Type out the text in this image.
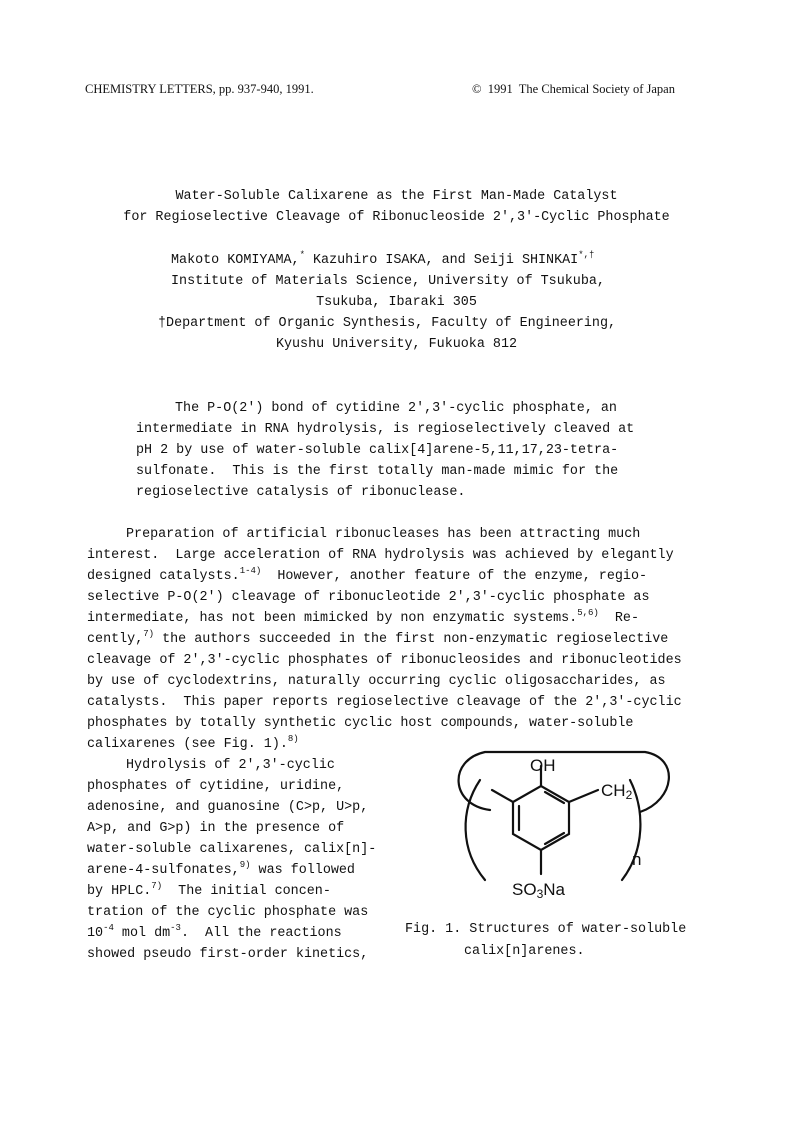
CHEMISTRY LETTERS, pp. 937-940, 1991.	©  1991  The Chemical Society of Japan
Water-Soluble Calixarene as the First Man-Made Catalyst
for Regioselective Cleavage of Ribonucleoside 2',3'-Cyclic Phosphate
Makoto KOMIYAMA,* Kazuhiro ISAKA, and Seiji SHINKAI*,†
Institute of Materials Science, University of Tsukuba,
Tsukuba, Ibaraki 305
†Department of Organic Synthesis, Faculty of Engineering,
Kyushu University, Fukuoka 812
The P-O(2') bond of cytidine 2',3'-cyclic phosphate, an
intermediate in RNA hydrolysis, is regioselectively cleaved at
pH 2 by use of water-soluble calix[4]arene-5,11,17,23-tetra-
sulfonate.  This is the first totally man-made mimic for the
regioselective catalysis of ribonuclease.
Preparation of artificial ribonucleases has been attracting much
interest.  Large acceleration of RNA hydrolysis was achieved by elegantly
designed catalysts.$^{1-4)}$  However, another feature of the enzyme, regio-
selective P-O(2') cleavage of ribonucleotide 2',3'-cyclic phosphate as
intermediate, has not been mimicked by non enzymatic systems.$^{5,6)}$  Re-
cently,$^{7)}$ the authors succeeded in the first non-enzymatic regioselective
cleavage of 2',3'-cyclic phosphates of ribonucleosides and ribonucleotides
by use of cyclodextrins, naturally occurring cyclic oligosaccharides, as
catalysts.  This paper reports regioselective cleavage of the 2',3'-cyclic
phosphates by totally synthetic cyclic host compounds, water-soluble
calixarenes (see Fig. 1).$^{8)}$
Hydrolysis of 2',3'-cyclic
phosphates of cytidine, uridine,
adenosine, and guanosine (C>p, U>p,
A>p, and G>p) in the presence of
water-soluble calixarenes, calix[n]-
arene-4-sulfonates,$^{9)}$ was followed
by HPLC.$^{7)}$  The initial concen-
tration of the cyclic phosphate was
$10^{-4}$ mol $dm^{-3}$.  All the reactions
showed pseudo first-order kinetics,
OH
$CH_2$
n
$SO_3Na$
Fig. 1. Structures of water-soluble
calix[n]arenes.
